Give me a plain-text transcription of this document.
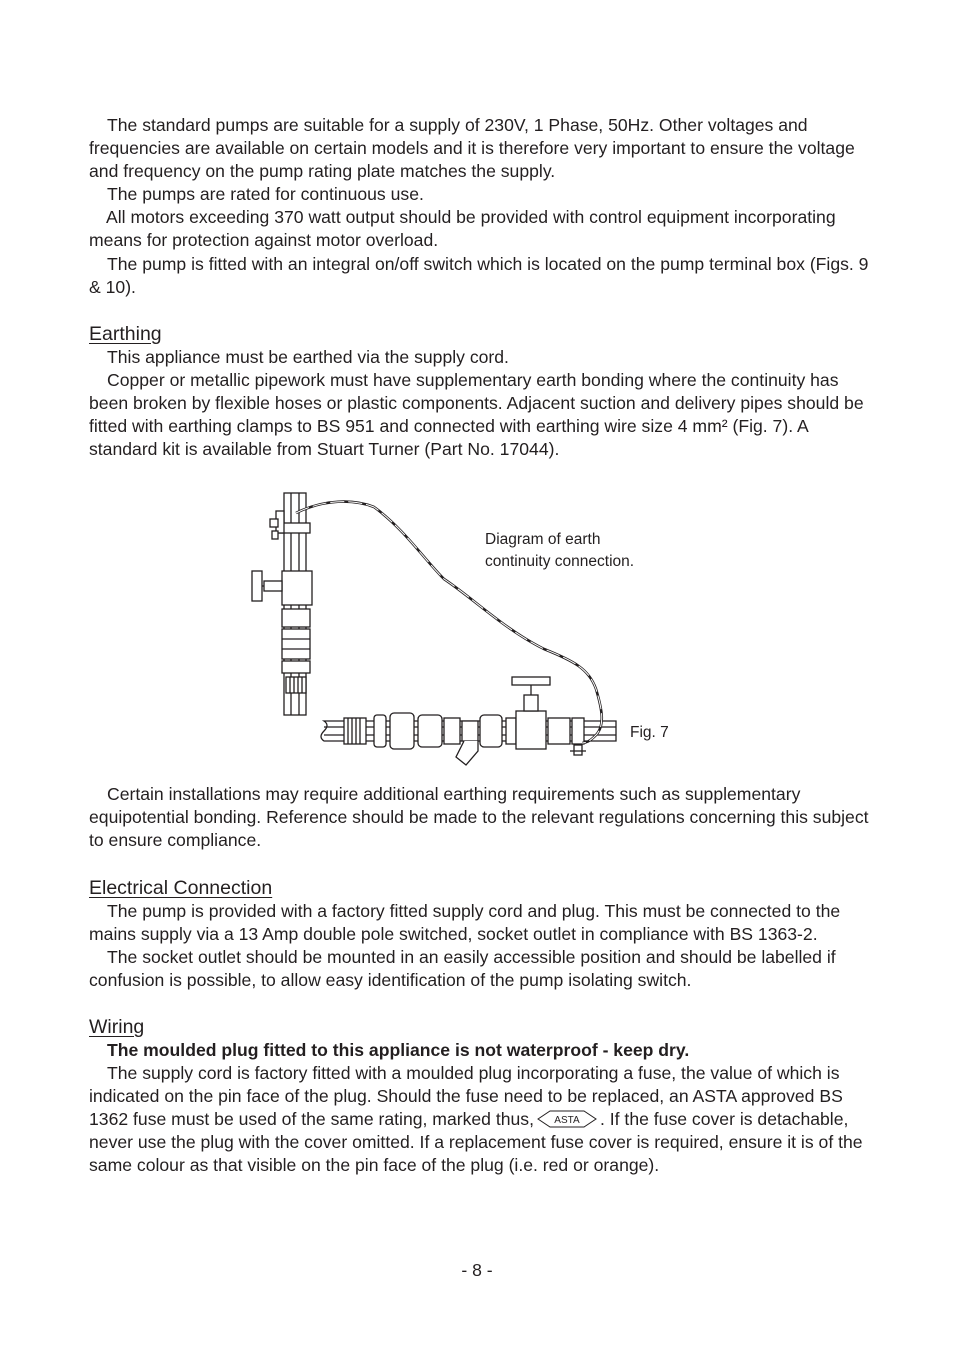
The standard pumps are suitable for a supply of 230V, 1 Phase, 50Hz. Other voltages and frequencies are available on certain models and it is therefore very important to ensure the voltage and frequency on the pump rating plate matches the supply.

The pumps are rated for continuous use.

All motors exceeding 370 watt output should be provided with control equipment incorporating means for protection against motor overload.

The pump is fitted with an integral on/off switch which is located on the pump terminal box (Figs. 9 & 10).

Earthing

This appliance must be earthed via the supply cord.

Copper or metallic pipework must have supplementary earth bonding where the continuity has been broken by flexible hoses or plastic components. Adjacent suction and delivery pipes should be fitted with earthing clamps to BS 951 and connected with earthing wire size 4 mm² (Fig. 7). A standard kit is available from Stuart Turner (Part No. 17044).

Diagram of earth
continuity connection.
Fig. 7

Certain installations may require additional earthing requirements such as supplementary equipotential bonding. Reference should be made to the relevant regulations concerning this subject to ensure compliance.

Electrical Connection

The pump is provided with a factory fitted supply cord and plug. This must be connected to the mains supply via a 13 Amp double pole switched, socket outlet in compliance with BS 1363-2.

The socket outlet should be mounted in an easily accessible position and should be labelled if confusion is possible, to allow easy identification of the pump isolating switch.

Wiring

The moulded plug fitted to this appliance is not waterproof - keep dry.

The supply cord is factory fitted with a moulded plug incorporating a fuse, the value of which is indicated on the pin face of the plug. Should the fuse need to be replaced, an ASTA approved BS 1362 fuse must be used of the same rating, marked thus, ASTA . If the fuse cover is detachable, never use the plug with the cover omitted. If a replacement fuse cover is required, ensure it is of the same colour as that visible on the pin face of the plug (i.e. red or orange).

- 8 -
